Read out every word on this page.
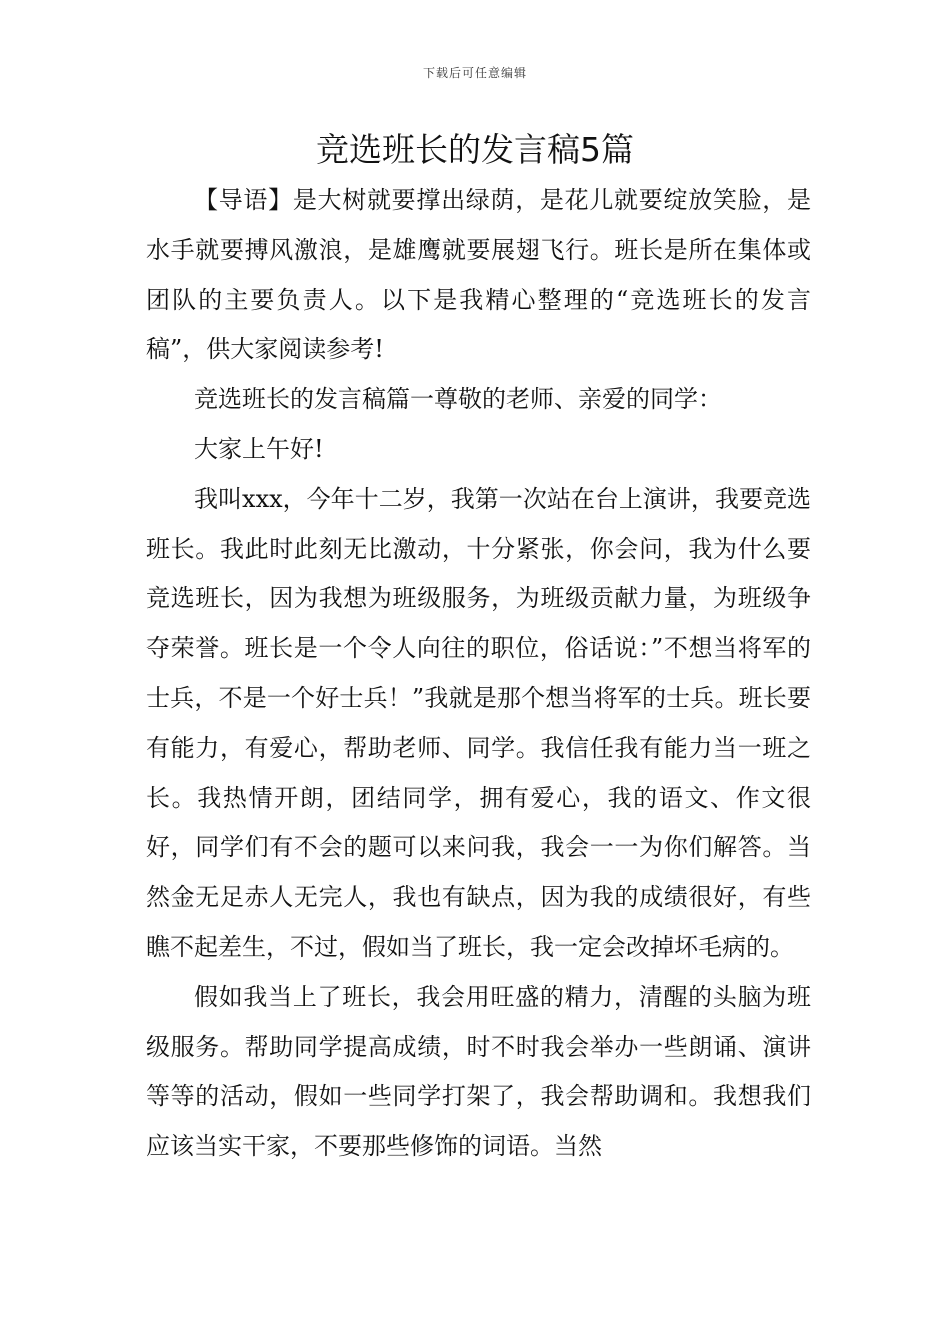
下载后可任意编辑
竞选班长的发言稿5篇

【导语】是大树就要撑出绿荫，是花儿就要绽放笑脸，是水手就要搏风激浪，是雄鹰就要展翅飞行。班长是所在集体或团队的主要负责人。以下是我精心整理的“竞选班长的发言稿”，供大家阅读参考!

竞选班长的发言稿篇一尊敬的老师、亲爱的同学：

大家上午好!

我叫xxx，今年十二岁，我第一次站在台上演讲，我要竞选班长。我此时此刻无比激动，十分紧张，你会问，我为什么要竞选班长，因为我想为班级服务，为班级贡献力量，为班级争夺荣誉。班长是一个令人向往的职位，俗话说：”不想当将军的士兵，不是一个好士兵！”我就是那个想当将军的士兵。班长要有能力，有爱心，帮助老师、同学。我信任我有能力当一班之长。我热情开朗，团结同学，拥有爱心，我的语文、作文很好，同学们有不会的题可以来问我，我会一一为你们解答。当然金无足赤人无完人，我也有缺点，因为我的成绩很好，有些瞧不起差生，不过，假如当了班长，我一定会改掉坏毛病的。

假如我当上了班长，我会用旺盛的精力，清醒的头脑为班级服务。帮助同学提高成绩，时不时我会举办一些朗诵、演讲等等的活动，假如一些同学打架了，我会帮助调和。我想我们应该当实干家，不要那些修饰的词语。当然
